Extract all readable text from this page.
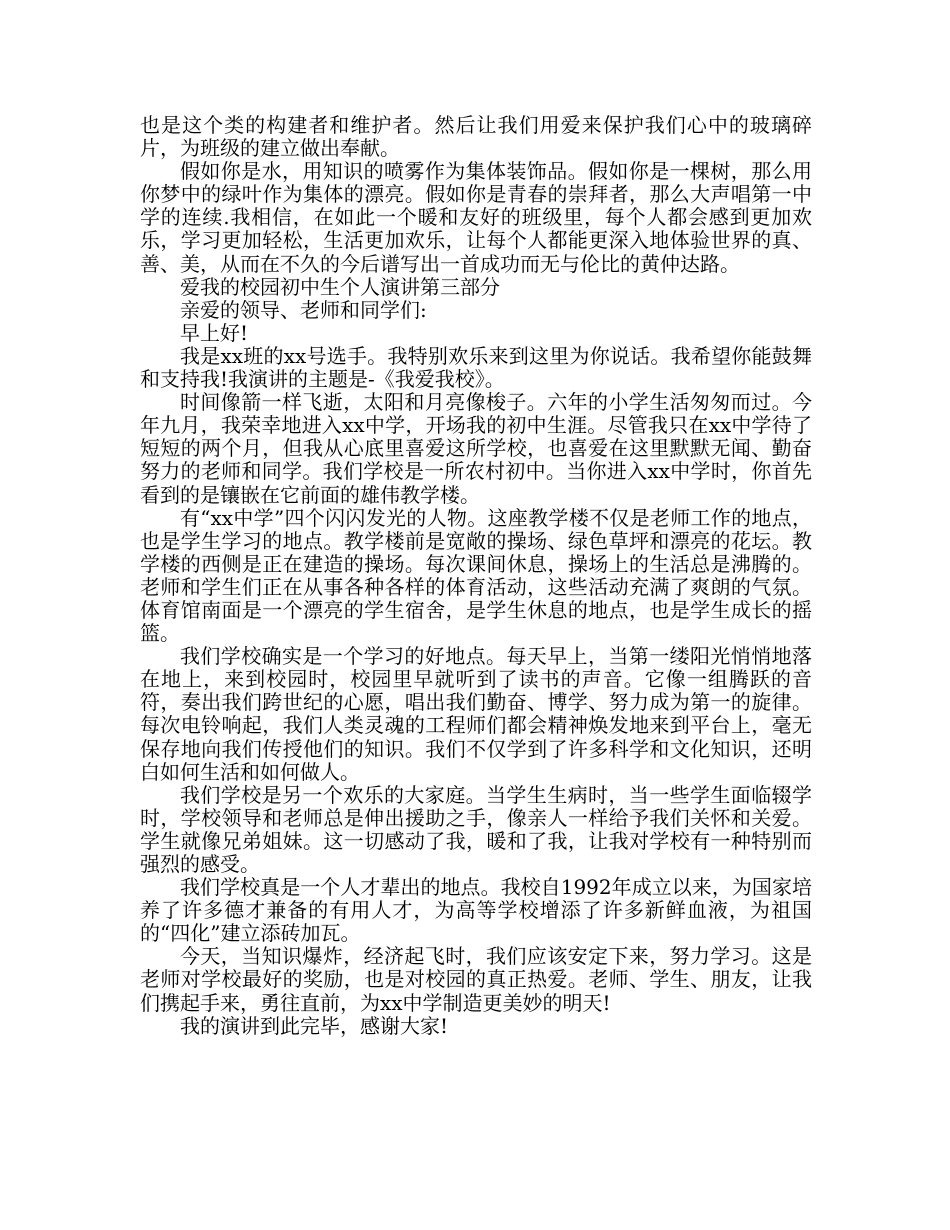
也是这个类的构建者和维护者。然后让我们用爱来保护我们心中的玻璃碎片，为班级的建立做出奉献。

假如你是水，用知识的喷雾作为集体装饰品。假如你是一棵树，那么用你梦中的绿叶作为集体的漂亮。假如你是青春的崇拜者，那么大声唱第一中学的连续.我相信，在如此一个暖和友好的班级里，每个人都会感到更加欢乐，学习更加轻松，生活更加欢乐，让每个人都能更深入地体验世界的真、善、美，从而在不久的今后谱写出一首成功而无与伦比的黄仲达路。

爱我的校园初中生个人演讲第三部分

亲爱的领导、老师和同学们:

早上好!

我是xx班的xx号选手。我特别欢乐来到这里为你说话。我希望你能鼓舞和支持我!我演讲的主题是-《我爱我校》。

时间像箭一样飞逝，太阳和月亮像梭子。六年的小学生活匆匆而过。今年九月，我荣幸地进入xx中学，开场我的初中生涯。尽管我只在xx中学待了短短的两个月，但我从心底里喜爱这所学校，也喜爱在这里默默无闻、勤奋努力的老师和同学。我们学校是一所农村初中。当你进入xx中学时，你首先看到的是镶嵌在它前面的雄伟教学楼。

有“xx中学”四个闪闪发光的人物。这座教学楼不仅是老师工作的地点，也是学生学习的地点。教学楼前是宽敞的操场、绿色草坪和漂亮的花坛。教学楼的西侧是正在建造的操场。每次课间休息，操场上的生活总是沸腾的。老师和学生们正在从事各种各样的体育活动，这些活动充满了爽朗的气氛。体育馆南面是一个漂亮的学生宿舍，是学生休息的地点，也是学生成长的摇篮。

我们学校确实是一个学习的好地点。每天早上，当第一缕阳光悄悄地落在地上，来到校园时，校园里早就听到了读书的声音。它像一组腾跃的音符，奏出我们跨世纪的心愿，唱出我们勤奋、博学、努力成为第一的旋律。每次电铃响起，我们人类灵魂的工程师们都会精神焕发地来到平台上，毫无保存地向我们传授他们的知识。我们不仅学到了许多科学和文化知识，还明白如何生活和如何做人。

我们学校是另一个欢乐的大家庭。当学生生病时，当一些学生面临辍学时，学校领导和老师总是伸出援助之手，像亲人一样给予我们关怀和关爱。学生就像兄弟姐妹。这一切感动了我，暖和了我，让我对学校有一种特别而强烈的感受。

我们学校真是一个人才辈出的地点。我校自1992年成立以来，为国家培养了许多德才兼备的有用人才，为高等学校增添了许多新鲜血液，为祖国的“四化”建立添砖加瓦。

今天，当知识爆炸，经济起飞时，我们应该安定下来，努力学习。这是老师对学校最好的奖励，也是对校园的真正热爱。老师、学生、朋友，让我们携起手来，勇往直前，为xx中学制造更美妙的明天!

我的演讲到此完毕，感谢大家!
